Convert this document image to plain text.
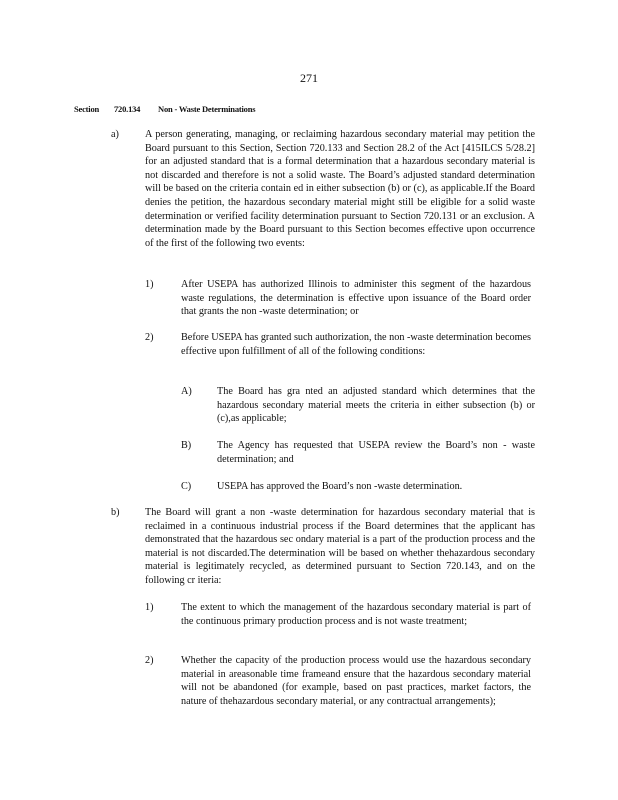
271
Section 720.134 Non - Waste Determinations
a)	A person generating, managing, or reclaiming hazardous secondary material may petition the Board pursuant to this Section, Section 720.133 and Section 28.2 of the Act [415ILCS 5/28.2] for an adjusted standard that is a formal determination that a hazardous secondary material is not discarded and therefore is not a solid waste. The Board’s adjusted standard determination will be based on the criteria contain ed in either subsection (b) or (c), as applicable.If the Board denies the petition, the hazardous secondary material might still be eligible for a solid waste determination or verified facility determination pursuant to Section 720.131 or an exclusion. A determination made by the Board pursuant to this Section becomes effective upon occurrence of the first of the following two events:

1)	After USEPA has authorized Illinois to administer this segment of the hazardous waste regulations, the determination is effective upon issuance of the Board order that grants the non -waste determination; or

2)	Before USEPA has granted such authorization, the non -waste determination becomes effective upon fulfillment of all of the following conditions:

A) The Board has gra nted an adjusted standard which determines that the hazardous secondary material meets the criteria in either subsection (b) or (c),as applicable;

B)	The Agency has requested that USEPA review the Board’s non - waste determination; and

C)	USEPA has approved the Board’s non -waste determination.

b)	The Board will grant a non -waste determination for hazardous secondary material that is reclaimed in a continuous industrial process if the Board determines that the applicant has demonstrated that the hazardous sec ondary material is a part of the production process and the material is not discarded.The determination will be based on whether thehazardous secondary material is legitimately recycled, as determined pursuant to Section 720.143, and on the following cr iteria:

1)	The extent to which the management of the hazardous secondary material is part of the continuous primary production process and is not waste treatment;

2)	Whether the capacity of the production process would use the hazardous secondary material in areasonable time frameand ensure that the hazardous secondary material will not be abandoned (for example, based on past practices, market factors, the nature of thehazardous secondary material, or any contractual arrangements);
